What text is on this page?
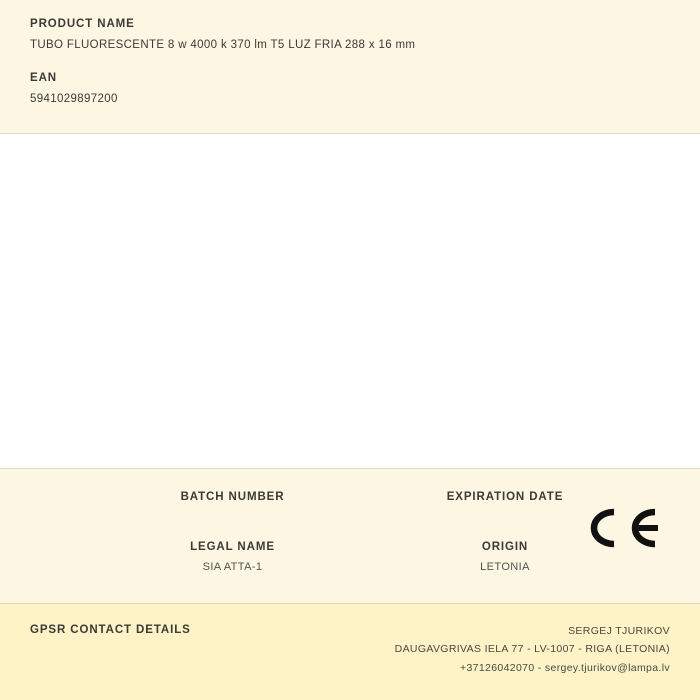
PRODUCT NAME
TUBO FLUORESCENTE 8 w 4000 k 370 lm T5 LUZ FRIA 288 x 16 mm
EAN
5941029897200
BATCH NUMBER	EXPIRATION DATE
LEGAL NAME
SIA ATTA-1
ORIGIN
LETONIA
GPSR CONTACT DETAILS	SERGEJ TJURIKOV
DAUGAVGRIVAS IELA 77 - LV-1007 - RIGA (LETONIA)
+37126042070 - sergey.tjurikov@lampa.lv
